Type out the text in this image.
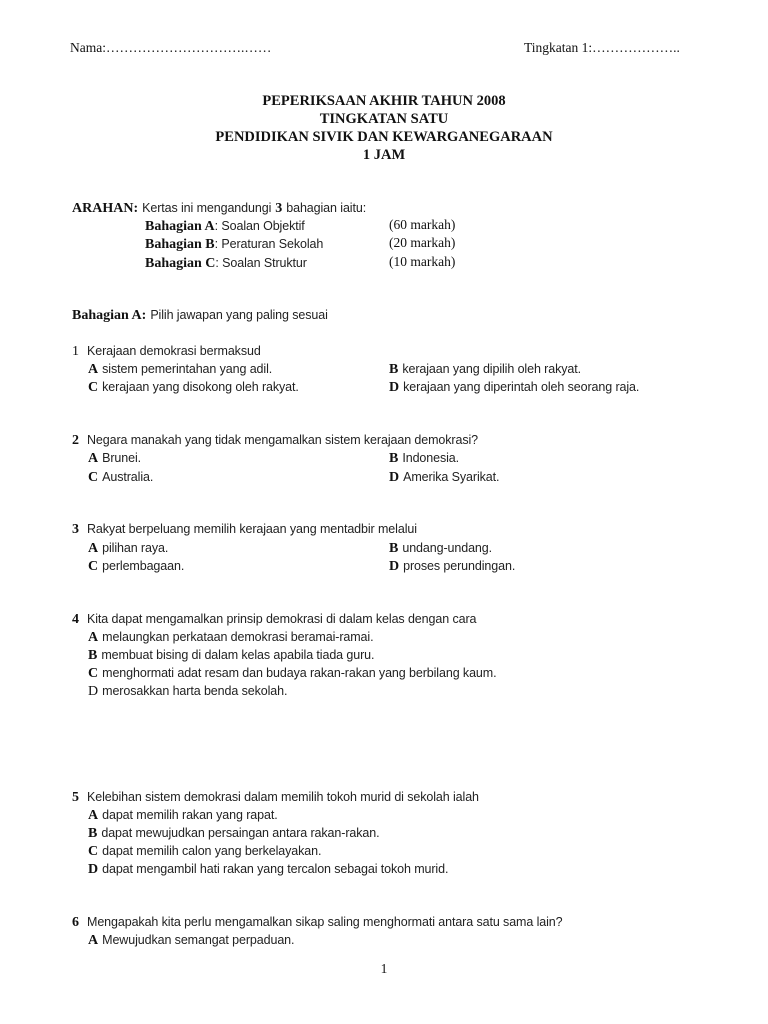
Nama:………………………….……	Tingkatan 1:………………..
PEPERIKSAAN AKHIR TAHUN 2008
TINGKATAN SATU
PENDIDIKAN SIVIK DAN KEWARGANEGARAAN
1 JAM
ARAHAN: Kertas ini mengandungi 3 bahagian iaitu:
Bahagian A: Soalan Objektif	(60 markah)
Bahagian B: Peraturan Sekolah	(20 markah)
Bahagian C: Soalan Struktur	(10 markah)
Bahagian A: Pilih jawapan yang paling sesuai
1 Kerajaan demokrasi bermaksud
A sistem pemerintahan yang adil.	B kerajaan yang dipilih oleh rakyat.
C kerajaan yang disokong oleh rakyat.	D kerajaan yang diperintah oleh seorang raja.
2 Negara manakah yang tidak mengamalkan sistem kerajaan demokrasi?
A Brunei.	B Indonesia.
C Australia.	D Amerika Syarikat.
3 Rakyat berpeluang memilih kerajaan yang mentadbir melalui
A pilihan raya.	B undang-undang.
C perlembagaan.	D proses perundingan.
4 Kita dapat mengamalkan prinsip demokrasi di dalam kelas dengan cara
A melaungkan perkataan demokrasi beramai-ramai.
B membuat bising di dalam kelas apabila tiada guru.
C menghormati adat resam dan budaya rakan-rakan yang berbilang kaum.
D merosakkan harta benda sekolah.
5 Kelebihan sistem demokrasi dalam memilih tokoh murid di sekolah ialah
A dapat memilih rakan yang rapat.
B dapat mewujudkan persaingan antara rakan-rakan.
C dapat memilih calon yang berkelayakan.
D dapat mengambil hati rakan yang tercalon sebagai tokoh murid.
6 Mengapakah kita perlu mengamalkan sikap saling menghormati antara satu sama lain?
A Mewujudkan semangat perpaduan.
1
